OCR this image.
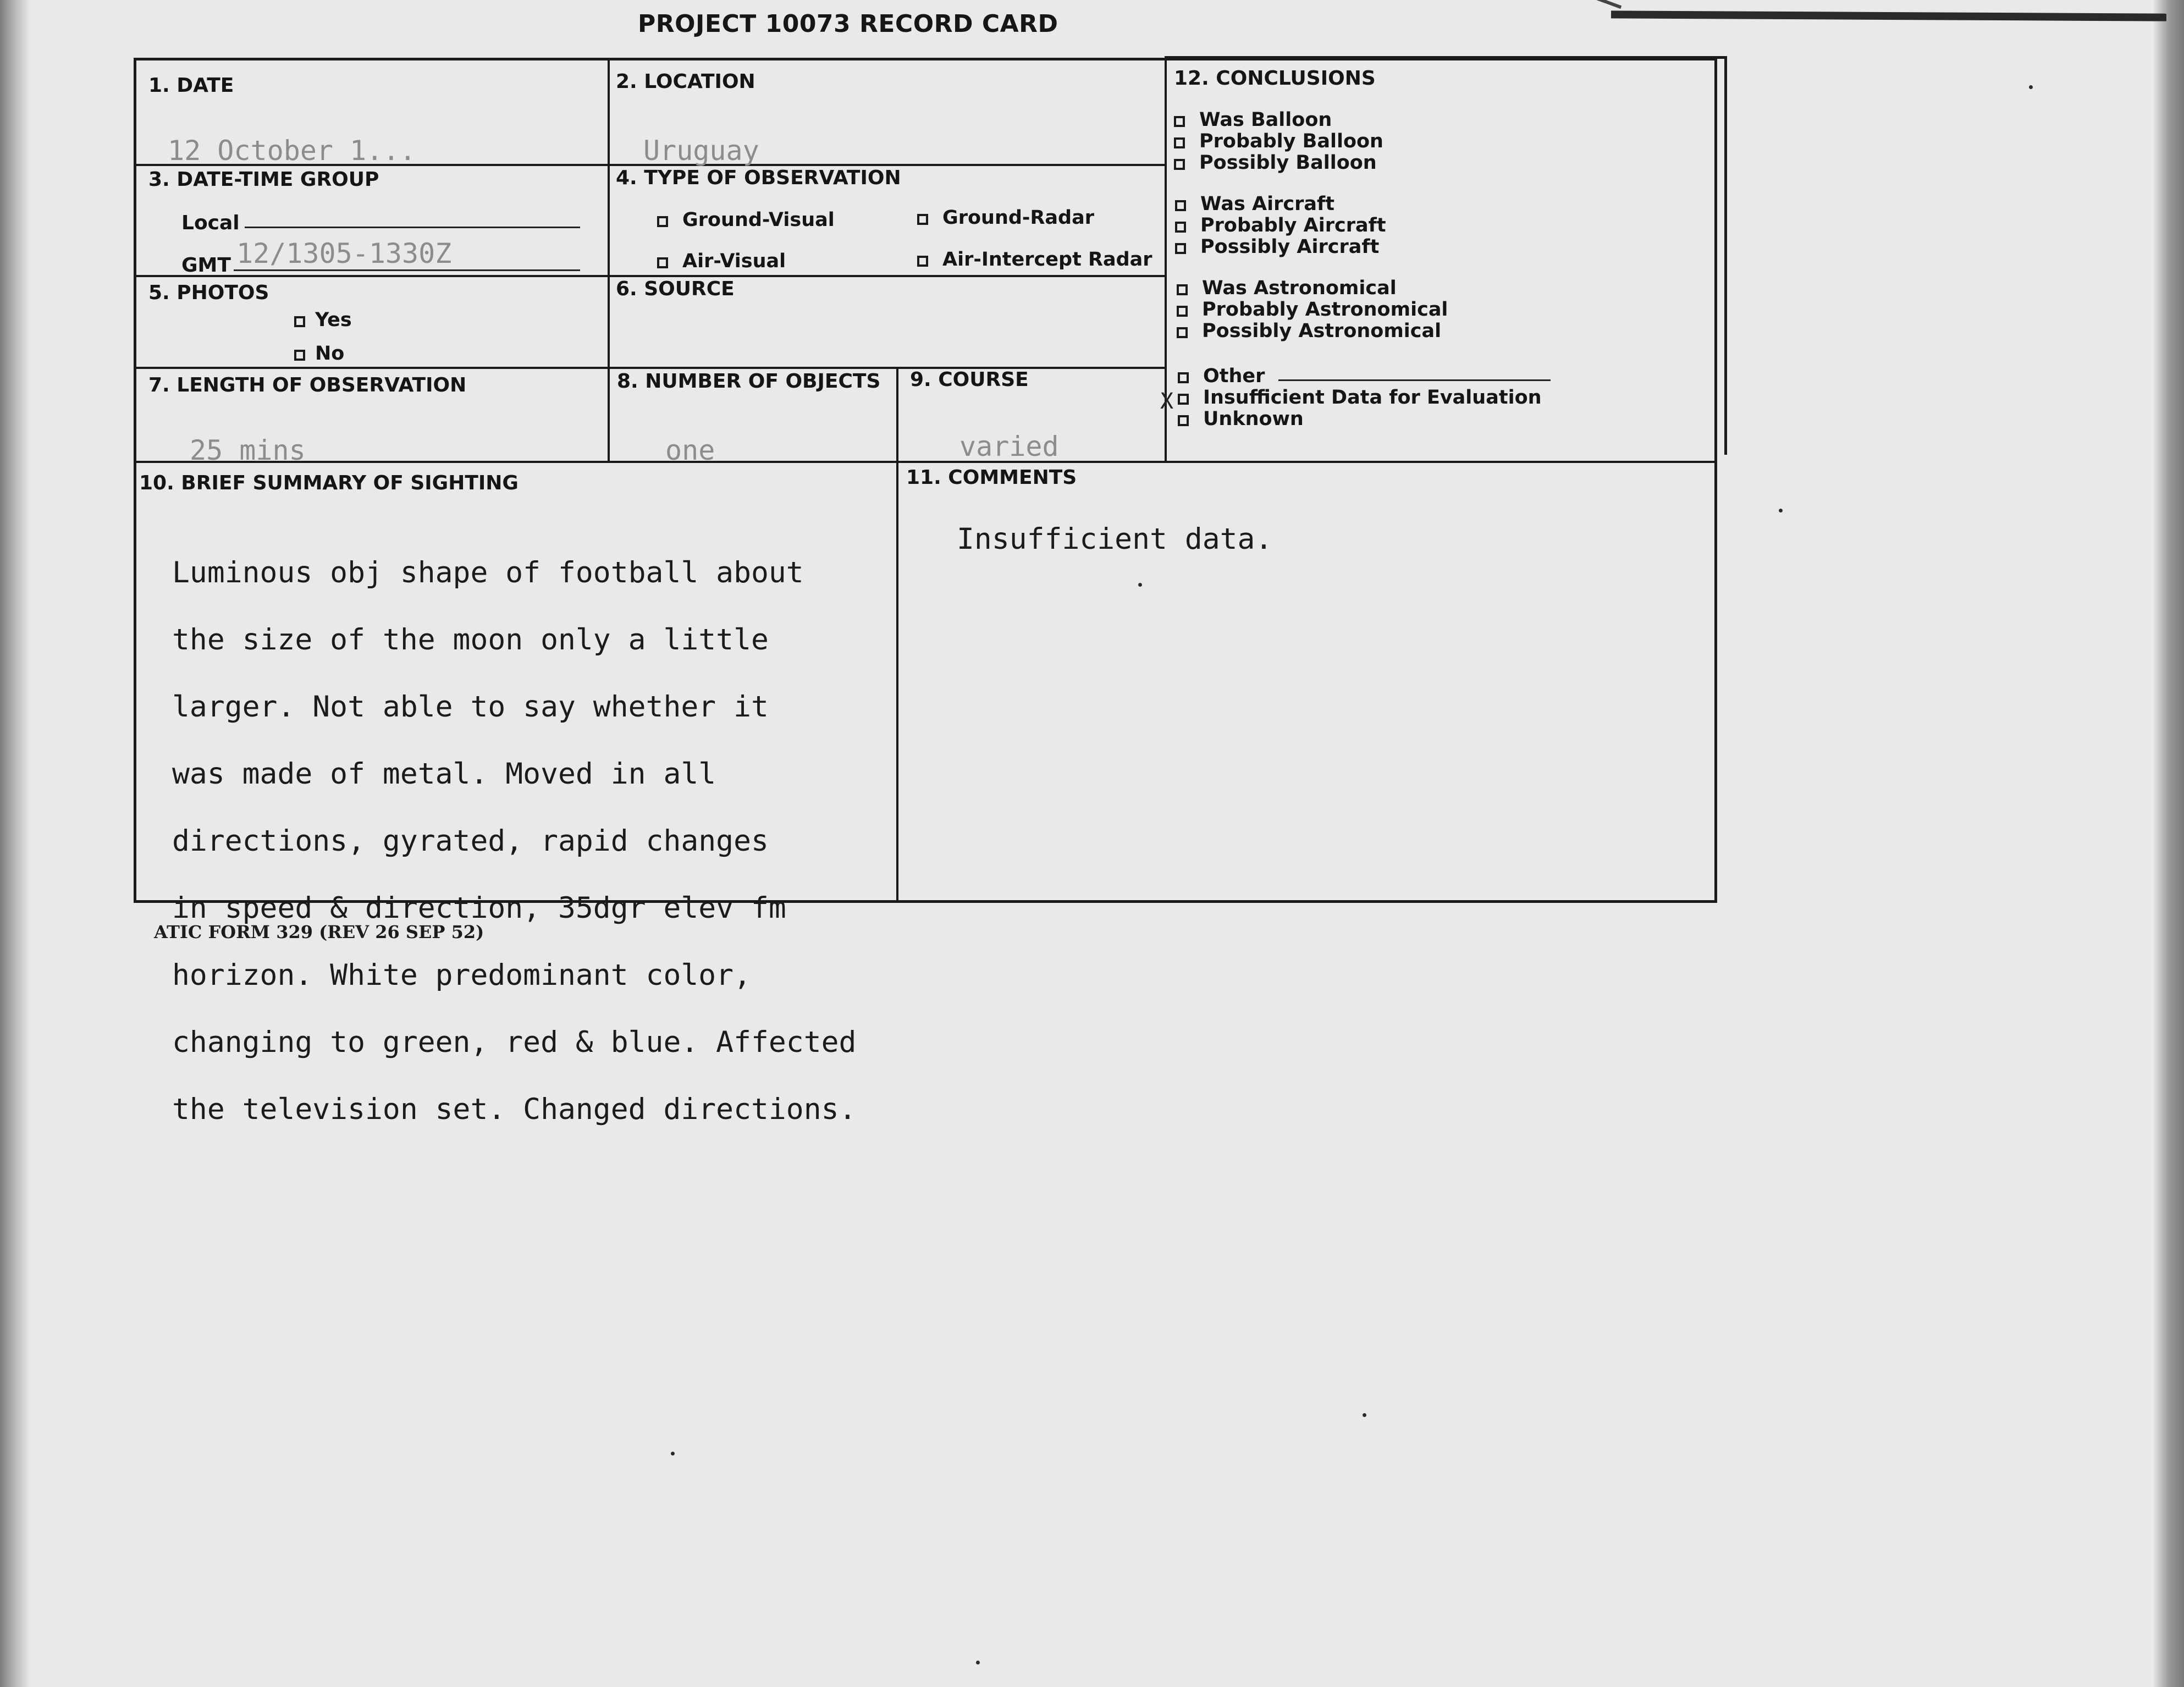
PROJECT 10073 RECORD CARD
1. DATE
12 October 1...
2. LOCATION
Uruguay
3. DATE-TIME GROUP
Local
GMT 12/1305-1330Z
4. TYPE OF OBSERVATION
Ground-Visual	Ground-Radar
Air-Visual	Air-Intercept Radar
5. PHOTOS
Yes
No
6. SOURCE
7. LENGTH OF OBSERVATION
25 mins
8. NUMBER OF OBJECTS
one
9. COURSE
varied
10. BRIEF SUMMARY OF SIGHTING

Luminous obj shape of football about

the size of the moon only a little

larger. Not able to say whether it

was made of metal. Moved in all

directions, gyrated, rapid changes

in speed & direction, 35dgr elev fm

horizon. White predominant color,

changing to green, red & blue. Affected

the television set. Changed directions.

11. COMMENTS
Insufficient data.
12. CONCLUSIONS
Was Balloon
Probably Balloon
Possibly Balloon
Was Aircraft
Probably Aircraft
Possibly Aircraft
Was Astronomical
Probably Astronomical
Possibly Astronomical
Other
X	Insufficient Data for Evaluation
Unknown
ATIC FORM 329 (REV 26 SEP 52)
